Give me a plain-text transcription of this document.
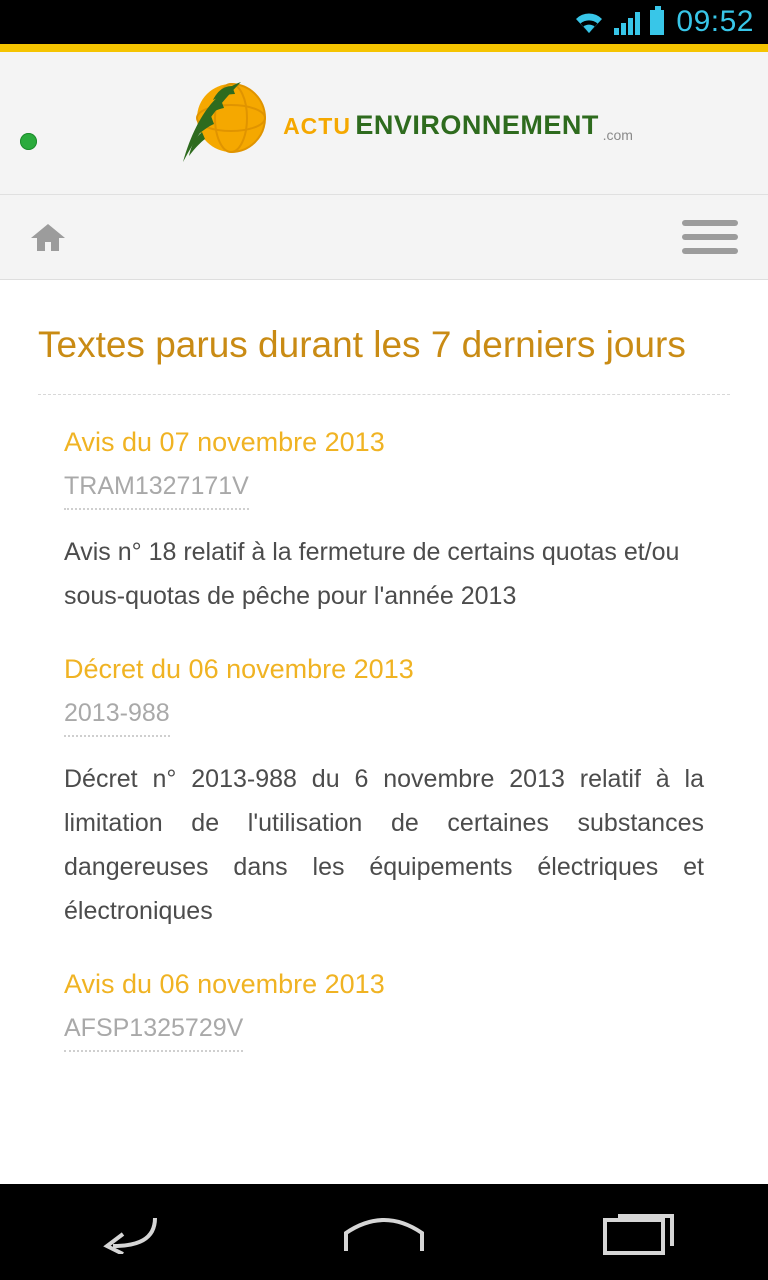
09:52
ACTU ENVIRONNEMENT .com
Textes parus durant les 7 derniers jours
Avis du 07 novembre 2013
TRAM1327171V
Avis n° 18 relatif à la fermeture de certains quotas et/ou sous-quotas de pêche pour l'année 2013
Décret du 06 novembre 2013
2013-988
Décret n° 2013-988 du 6 novembre 2013 relatif à la limitation de l'utilisation de certaines substances dangereuses dans les équipements électriques et électroniques
Avis du 06 novembre 2013
AFSP1325729V
